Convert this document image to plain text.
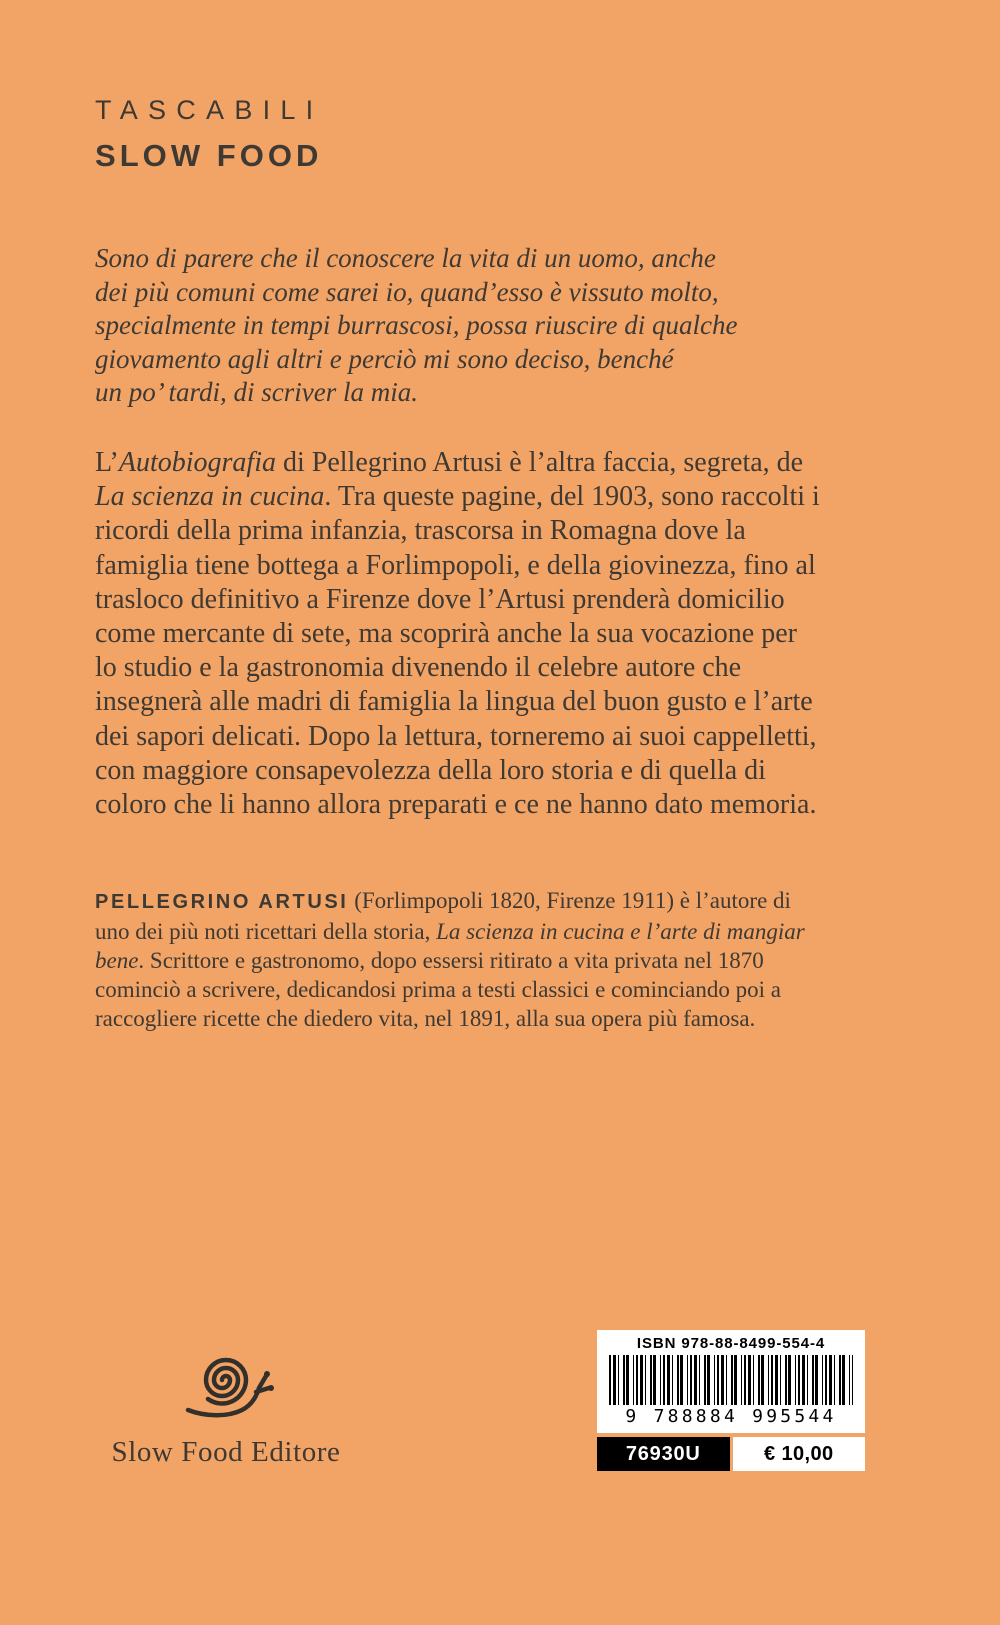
TASCABILI
SLOW FOOD
Sono di parere che il conoscere la vita di un uomo, anche
dei più comuni come sarei io, quand’esso è vissuto molto,
specialmente in tempi burrascosi, possa riuscire di qualche
giovamento agli altri e perciò mi sono deciso, benché
un po’ tardi, di scriver la mia.

L’Autobiografia di Pellegrino Artusi è l’altra faccia, segreta, de La scienza in cucina. Tra queste pagine, del 1903, sono raccolti i ricordi della prima infanzia, trascorsa in Romagna dove la famiglia tiene bottega a Forlimpopoli, e della giovinezza, fino al trasloco definitivo a Firenze dove l’Artusi prenderà domicilio come mercante di sete, ma scoprirà anche la sua vocazione per lo studio e la gastronomia divenendo il celebre autore che insegnerà alle madri di famiglia la lingua del buon gusto e l’arte dei sapori delicati. Dopo la lettura, torneremo ai suoi cappelletti, con maggiore consapevolezza della loro storia e di quella di coloro che li hanno allora preparati e ce ne hanno dato memoria.

PELLEGRINO ARTUSI (Forlimpopoli 1820, Firenze 1911) è l’autore di uno dei più noti ricettari della storia, La scienza in cucina e l’arte di mangiar bene. Scrittore e gastronomo, dopo essersi ritirato a vita privata nel 1870 cominciò a scrivere, dedicandosi prima a testi classici e cominciando poi a raccogliere ricette che diedero vita, nel 1891, alla sua opera più famosa.

Slow Food Editore
ISBN 978-88-8499-554-4
9 788884 995544
76930U	€ 10,00
